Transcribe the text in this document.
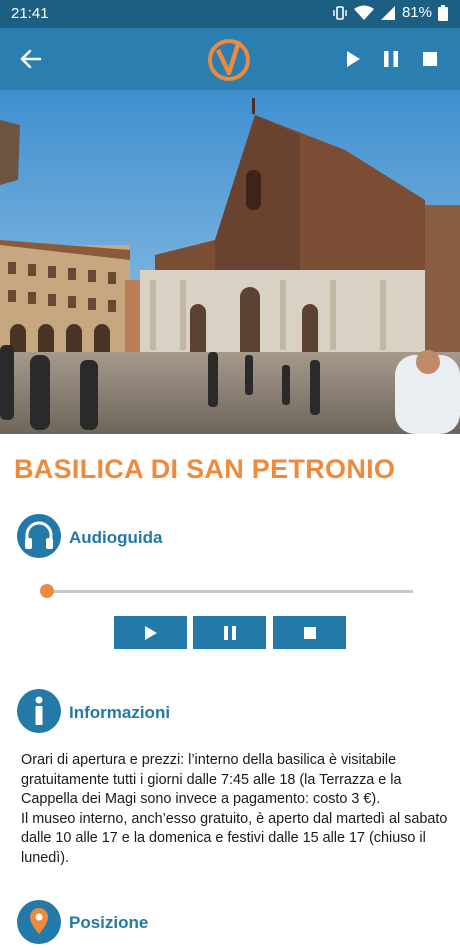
21:41	81%
BASILICA DI SAN PETRONIO
Audioguida
Informazioni

Orari di apertura e prezzi: l’interno della basilica è visitabile gratuitamente tutti i giorni dalle 7:45 alle 18 (la Terrazza e la Cappella dei Magi sono invece a pagamento: costo 3 €).

Il museo interno, anch’esso gratuito, è aperto dal martedì al sabato dalle 10 alle 17 e la domenica e festivi dalle 15 alle 17 (chiuso il lunedì).

Posizione
